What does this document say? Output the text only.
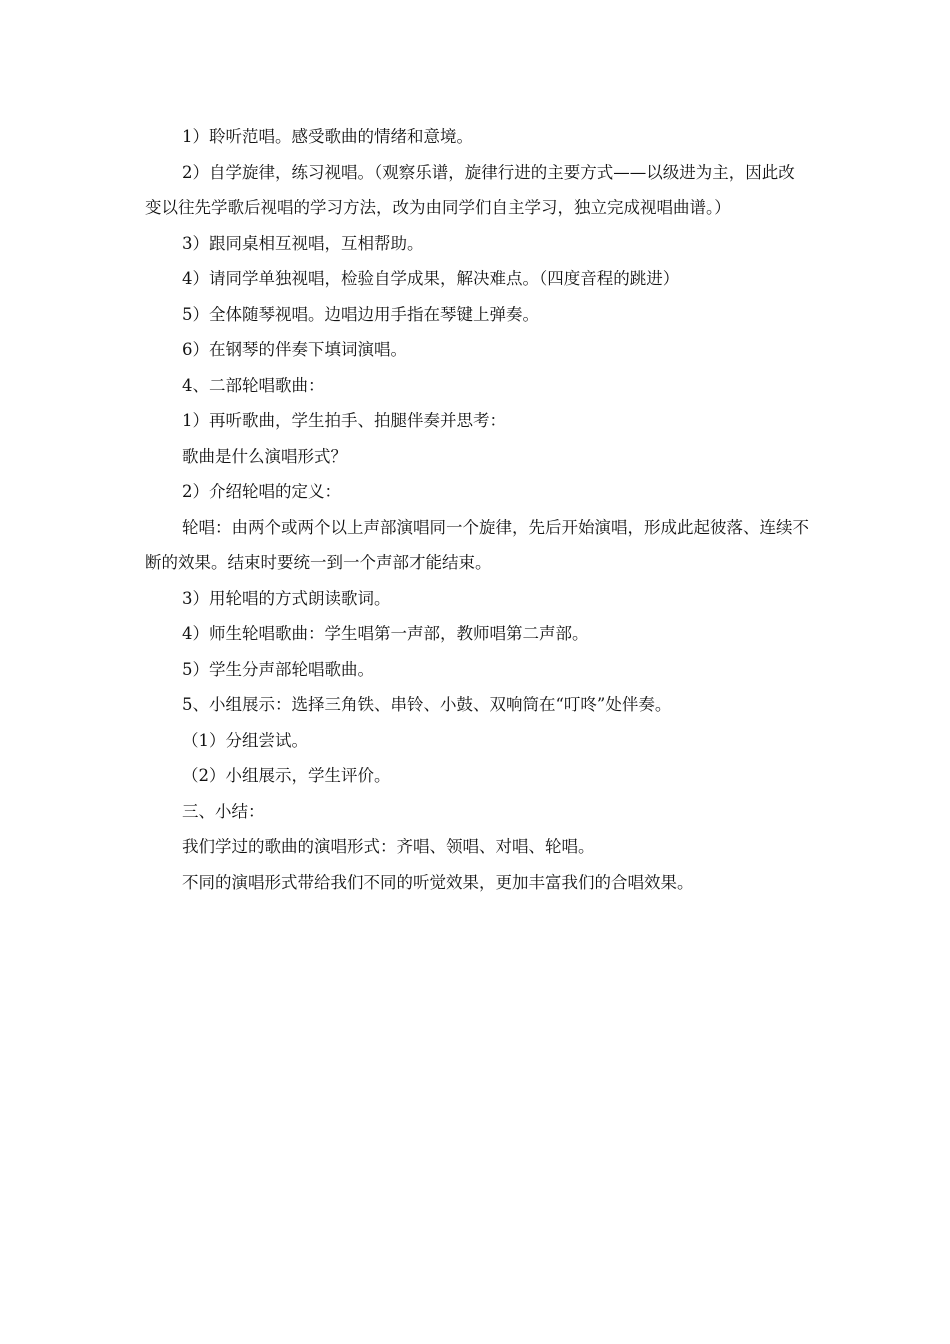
1）聆听范唱。感受歌曲的情绪和意境。

2）自学旋律，练习视唱。（观察乐谱，旋律行进的主要方式——以级进为主，因此改变以往先学歌后视唱的学习方法，改为由同学们自主学习，独立完成视唱曲谱。）

3）跟同桌相互视唱，互相帮助。

4）请同学单独视唱，检验自学成果，解决难点。（四度音程的跳进）

5）全体随琴视唱。边唱边用手指在琴键上弹奏。

6）在钢琴的伴奏下填词演唱。

4、二部轮唱歌曲：

1）再听歌曲，学生拍手、拍腿伴奏并思考：

歌曲是什么演唱形式？

2）介绍轮唱的定义：

轮唱：由两个或两个以上声部演唱同一个旋律，先后开始演唱，形成此起彼落、连续不断的效果。结束时要统一到一个声部才能结束。

3）用轮唱的方式朗读歌词。

4）师生轮唱歌曲：学生唱第一声部，教师唱第二声部。

5）学生分声部轮唱歌曲。

5、小组展示：选择三角铁、串铃、小鼓、双响筒在“叮咚”处伴奏。

（1）分组尝试。

（2）小组展示，学生评价。

三、小结：

我们学过的歌曲的演唱形式：齐唱、领唱、对唱、轮唱。

不同的演唱形式带给我们不同的听觉效果，更加丰富我们的合唱效果。
